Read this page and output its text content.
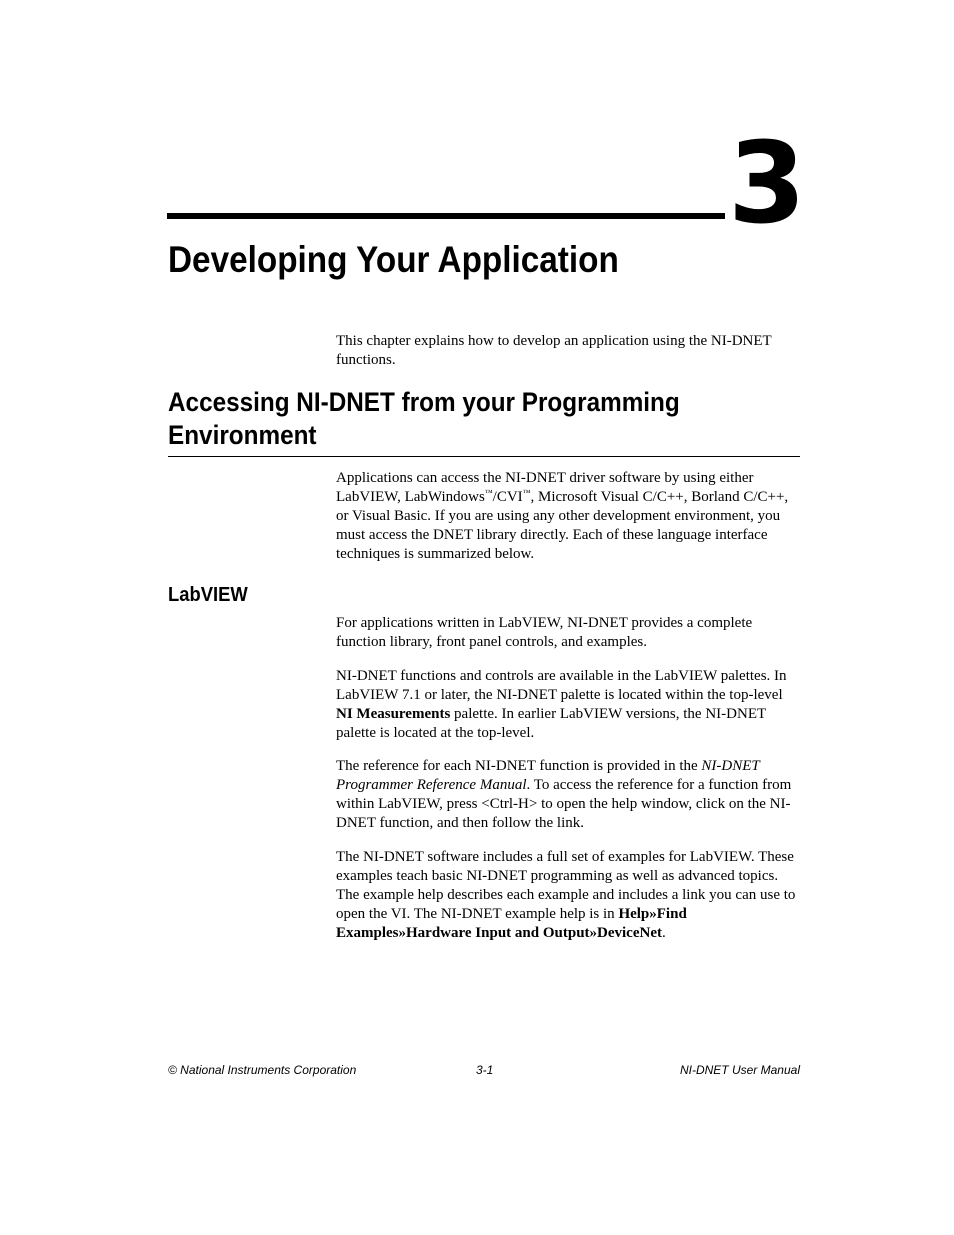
3
Developing Your Application
This chapter explains how to develop an application using the NI-DNET functions.
Accessing NI-DNET from your Programming
Environment
Applications can access the NI-DNET driver software by using either LabVIEW, LabWindows™/CVI™, Microsoft Visual C/C++, Borland C/C++, or Visual Basic. If you are using any other development environment, you must access the DNET library directly. Each of these language interface techniques is summarized below.
LabVIEW
For applications written in LabVIEW, NI-DNET provides a complete function library, front panel controls, and examples.
NI-DNET functions and controls are available in the LabVIEW palettes. In LabVIEW 7.1 or later, the NI-DNET palette is located within the top-level NI Measurements palette. In earlier LabVIEW versions, the NI-DNET palette is located at the top-level.
The reference for each NI-DNET function is provided in the NI-DNET Programmer Reference Manual. To access the reference for a function from within LabVIEW, press <Ctrl-H> to open the help window, click on the NI-DNET function, and then follow the link.
The NI-DNET software includes a full set of examples for LabVIEW. These examples teach basic NI-DNET programming as well as advanced topics. The example help describes each example and includes a link you can use to open the VI. The NI-DNET example help is in Help»Find Examples»Hardware Input and Output»DeviceNet.
© National Instruments Corporation	3-1	NI-DNET User Manual
